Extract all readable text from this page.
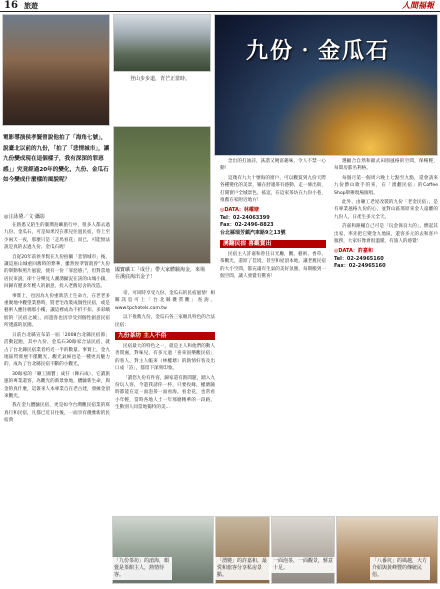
16 旅遊	人間福報
登山步步道，青芒正當時。
國寶礦工「成仔」帶大家體驗淘金，來場在溪底淘出金子！
九份‧金瓜石
電影導演侯孝賢曾說他拍了「海角七號」，說臺北以前的九份，「拍了「悲情城市」，讓九份變成現在這個樣子，我有深深的罪惡感」」究竟經過20年的變化，九份、金瓜石如今變成什麼樣的風貌呢？
◎汪詠黛／文‧攝影
在熱悉又陌生的臺灣島嶼旅行中，很多人都去過九份、金瓜石，可是如果沒在那兒住過民宿，待上至少兩天一夜，那麼只是「走馬看花」而已，可能無法說是真的去過九份、金瓜石喔！
自從20年前侯孝賢在九份拍攝「悲情城市」後，讓這座山城重回舊時的繁華，雖然侯孝賢就曾“九份的舉動和照片風貌，使有一份「罪惡感」”，但對當地居民來說，卻十分樂見人潮湧顯況在該的山城小鎮，回歸有歷多年輕人的創意，投入老舊房舍的改造。
事實上，也因為九份重新活上生命力，在老老多重聚地中觀望業務時，將老宅改裝成個性民宿，或是藝術人應住棉那小樓，讓這裡成為不折不扣、多彩繽紛的「民宿之城」，而遊客也因享受到個性創意民宿所透露的氛圍。
日前台北縣宣布第一屆「2008台北縣民宿節」活動起跑，其中九份、金瓜石30餘家合法民宿，就占了台北縣民宿業者約近一半的數量。事實上，金九地區閃發展不僅觀光，觀光氣候也是一種更具魅力的，成為了台北縣民宿不斷的小觀光。
30餘家的「礦工國寶」成仔（陳石成）、它讀旅運的專業還客，為觀光的新景象地，體驗新生命，與金的真什麼，這簽來人本專業自在老古建，發擁金頂來觀光。
我在金九體驗民宿，更是如今台灣觀民宿業的寫真行和民宿，凡都已近日往後，一面享有優雅新的民宿典
帝，可同時享受九份、金瓜石的民宿風情！相關訊息可上「台北縣優質觀」查詢，www.tpchotels.com.tw
以下推薦九份、金瓜石各三家頗具特色的合法民宿：
九份茶坊 主人不俗
民宿最大的特色之一，就是主人和他們的動人善問處，對味兒、有多元過「喜來固樂觀民宿」的客人，對主人帳來（林權塘）的熱情好客及出口成「詩」，都留下深刻印象。
「讀您九份有件客，歸家還有熱問題，踏入九份玩人客，今遊我請你一杯，只要投緣，權塘隨時都能在這一面泡茶一面看海。看金花，也常看小年輕，當時各地人士一年那麼精華的一段路，生動別人同當地獨特的美…
念出的打油詩，詼諧又饒富趣味，令人不禁一心動！
這幾有九大十號海的窗戶，可以觀賞到九份天際各種變化的美景，躺在舒適茶有感動，走一條出街，打開窗戶全城景色，搖這，在這家茶坊在九份小巷，推薦在家附近地方！
◎DATA：林權塘
Tel：02-24063399
Fax：02-2496-8823
台北縣瑞芳鎮汽車路9之13號
湧翻民宿 喜觀賞出
民宿主人許嘉和曾任日光廳，觀、藝術、香草、茶觀光，還原了佳境，甚至和屋頂本地，讓老舊民宿的大小空間，都充滿有生氣的美好氛圍，每期搬到一個空間，讓人發覺有驚喜！
選顧合自然和歐式田園風格的空間，保暢輕，每間房都名利格。
每個月第一個周六晚上七點至九點，還會請來九份爵山歌手的來，在「湧翻民宿」的Coffee Shop舉辦現場演唱。
此外，由礦工老屋改裝的九份「老金民宿」，是有專業風格九份的心，並對山區那原來金人遠離的九份人，日產生多元全天。
許嘉和跟輔自己可是「玩金保良大的」，燃起其出家，率先把它變金九地區，遊客多元的去和客戶服務，大家好像會很溫暖，有旅人的感覺！
◎DATA：許嘉和
Tel：02-24965160
Fax：02-24965160
「九份茶坊」的滄海，頗覺是茶館主人，熱情待客。
「湧變」的許嘉和，最愛和旅客分享私房景點。
一面泡茶，一面觀景，愜意十足。
「八番坑」的風越，大方介紹與黃峰豐的傳統民俗。
